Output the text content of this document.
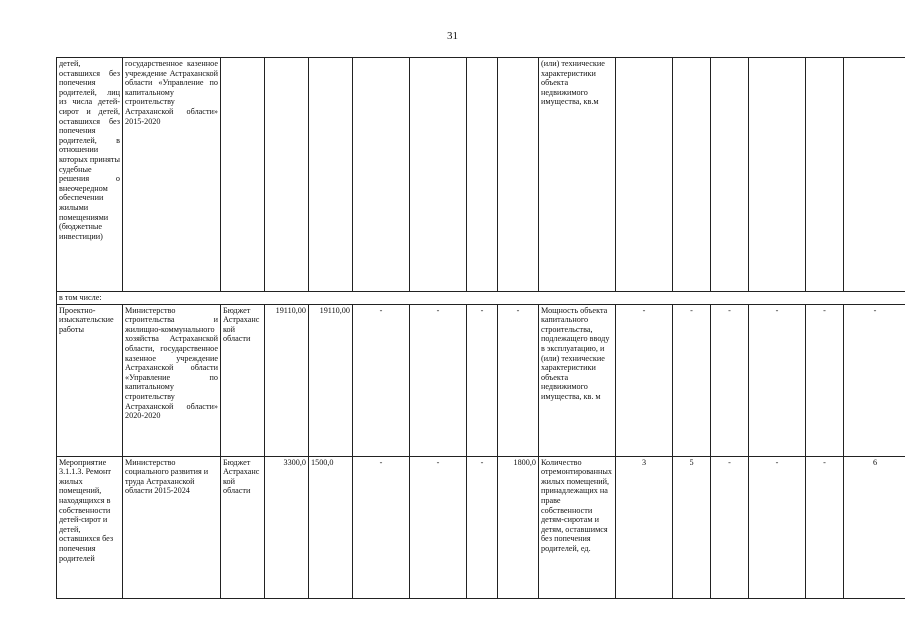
31
детей, оставшихся без попечения родителей, лиц из числа детей-сирот и детей, оставшихся без попечения родителей, в отношении которых приняты судебные решения о внеочередном обеспечении жилыми помещениями (бюджетные инвестиции)	государственное казенное учреждение Астраханской области «Управление по капитальному строительству Астраханской области» 2015-2020								(или) технические характеристики объекта недвижимого имущества, кв.м						
в том числе:															
Проектно-изыскательские работы	Министерство строительства и жилищно-коммунального хозяйства Астраханской области, государственное казенное учреждение Астраханской области «Управление по капитальному строительству Астраханской области» 2020-2020	Бюджет Астраханской области	19110,00	19110,00	-	-	-	-	Мощность объекта капитального строительства, подлежащего вводу в эксплуатацию, и (или) технические характеристики объекта недвижимого имущества, кв. м	-	-	-	-	-	-
Мероприятие 3.1.1.3. Ремонт жилых помещений, находящихся в собственности детей-сирот и детей, оставшихся без попечения родителей	Министерство социального развития и труда Астраханской области 2015-2024	Бюджет Астраханской области	3300,0	1500,0	-	-	-	1800,0	Количество отремонтированных жилых помещений, принадлежащих на праве собственности детям-сиротам и детям, оставшимся без попечения родителей, ед.	3	5	-	-	-	6
